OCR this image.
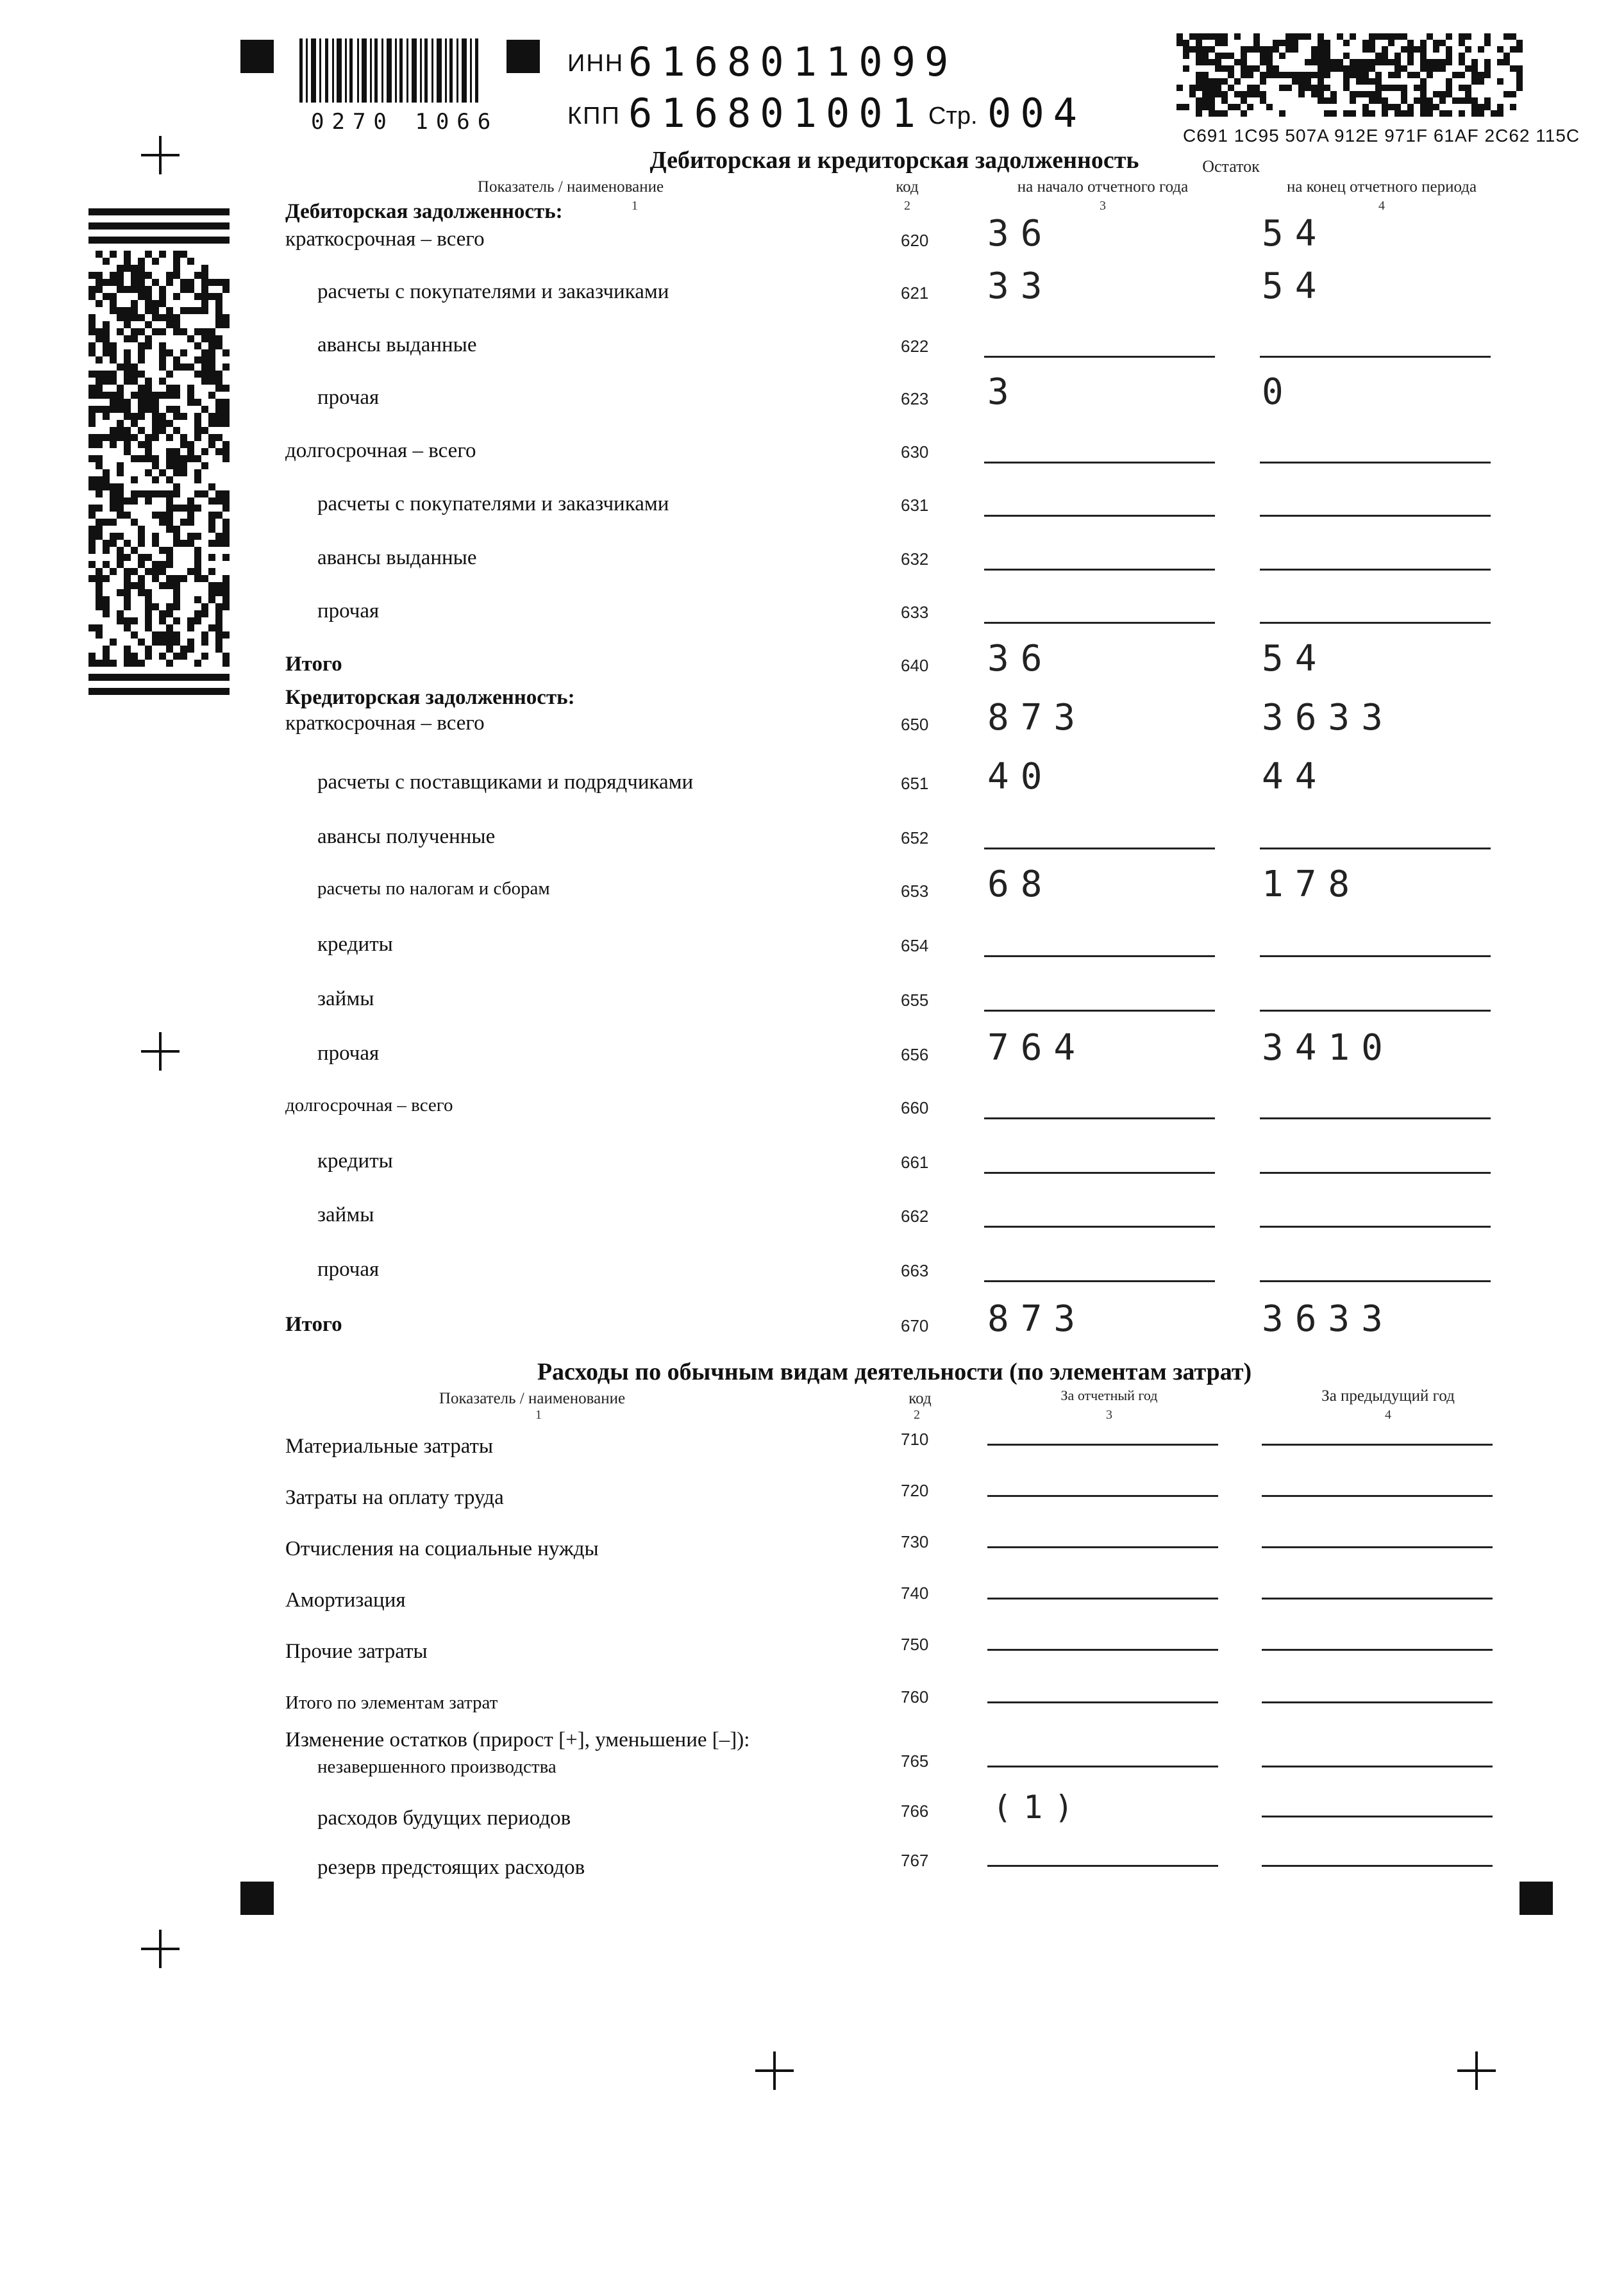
0270 1066
ИНН 6168011099
КПП 616801001 Стр. 004	C691 1C95 507A 912E 971F 61AF 2C62 115C
Дебиторская и кредиторская задолженность	Остаток
Показатель / наименование	код	на начало отчетного года	на конец отчетного периода
1	2	3	4
Дебиторская задолженность:
краткосрочная – всего	620 36	54
расчеты с покупателями и заказчиками	621 33	54
авансы выданные	622
прочая	623 3	0
долгосрочная – всего	630
расчеты с покупателями и заказчиками	631
авансы выданные	632
прочая	633
Итого	640 36	54
Кредиторская задолженность:
краткосрочная – всего	650 873	3633
расчеты с поставщиками и подрядчиками	651 40	44
авансы полученные	652
расчеты по налогам и сборам	653 68	178
кредиты	654
займы	655
прочая	656 764	3410
долгосрочная – всего	660
кредиты	661
займы	662
прочая	663
Итого	670 873	3633
Расходы по обычным видам деятельности (по элементам затрат)
Показатель / наименование	код	За отчетный год	За предыдущий год
1	2	3	4
Материальные затраты	710
Затраты на оплату труда	720
Отчисления на социальные нужды	730
Амортизация	740
Прочие затраты	750
Итого по элементам затрат	760
Изменение остатков (прирост [+], уменьшение [–]):
незавершенного производства	765
расходов будущих периодов	766 (1)
резерв предстоящих расходов	767
